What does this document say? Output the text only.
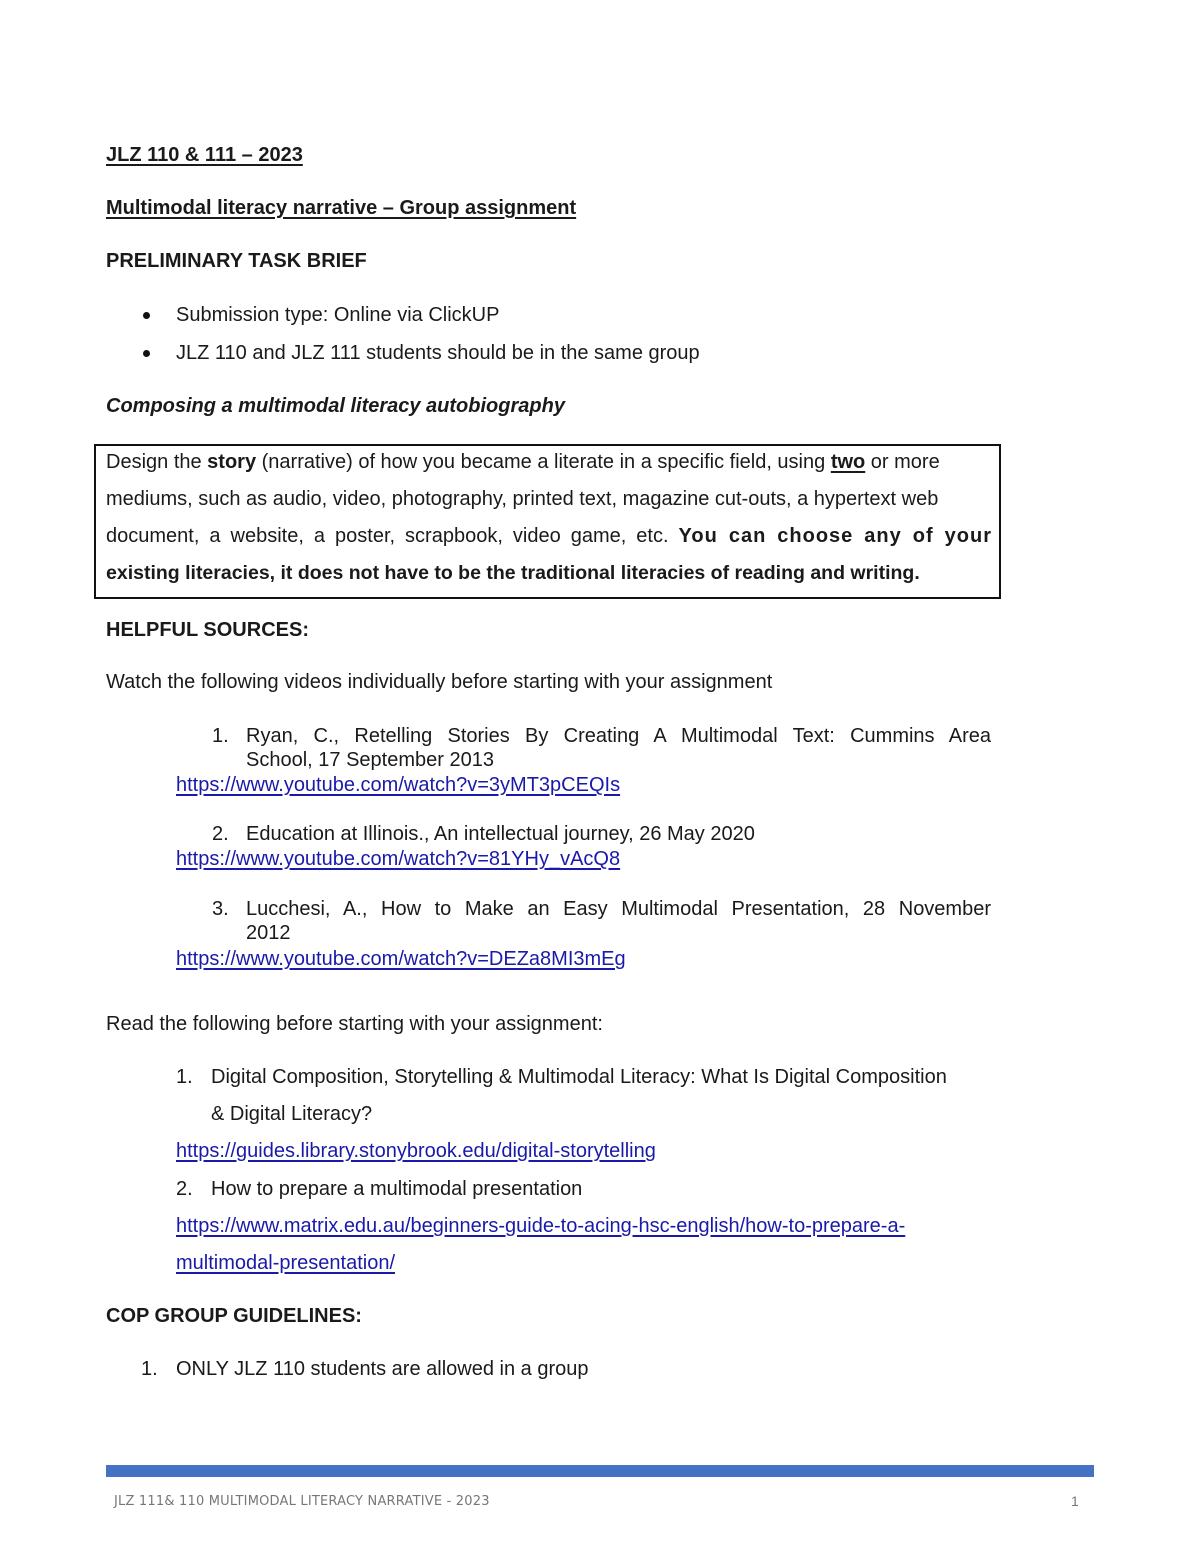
JLZ 110 & 111 – 2023
Multimodal literacy narrative – Group assignment
PRELIMINARY TASK BRIEF
Submission type: Online via ClickUP
JLZ 110 and JLZ 111 students should be in the same group
Composing a multimodal literacy autobiography
Design the story (narrative) of how you became a literate in a specific field, using two or more
mediums, such as audio, video, photography, printed text, magazine cut-outs, a hypertext web
document, a website, a poster, scrapbook, video game, etc. You can choose any of your
existing literacies, it does not have to be the traditional literacies of reading and writing.
HELPFUL SOURCES:
Watch the following videos individually before starting with your assignment
1. Ryan, C., Retelling Stories By Creating A Multimodal Text: Cummins Area
School, 17 September 2013
https://www.youtube.com/watch?v=3yMT3pCEQIs
2. Education at Illinois., An intellectual journey, 26 May 2020
https://www.youtube.com/watch?v=81YHy_vAcQ8
3. Lucchesi, A., How to Make an Easy Multimodal Presentation, 28 November
2012
https://www.youtube.com/watch?v=DEZa8MI3mEg
Read the following before starting with your assignment:
1. Digital Composition, Storytelling & Multimodal Literacy: What Is Digital Composition
& Digital Literacy?
https://guides.library.stonybrook.edu/digital-storytelling
2. How to prepare a multimodal presentation
https://www.matrix.edu.au/beginners-guide-to-acing-hsc-english/how-to-prepare-a-
multimodal-presentation/
COP GROUP GUIDELINES:
1. ONLY JLZ 110 students are allowed in a group
JLZ 111& 110 MULTIMODAL LITERACY NARRATIVE - 2023	1
